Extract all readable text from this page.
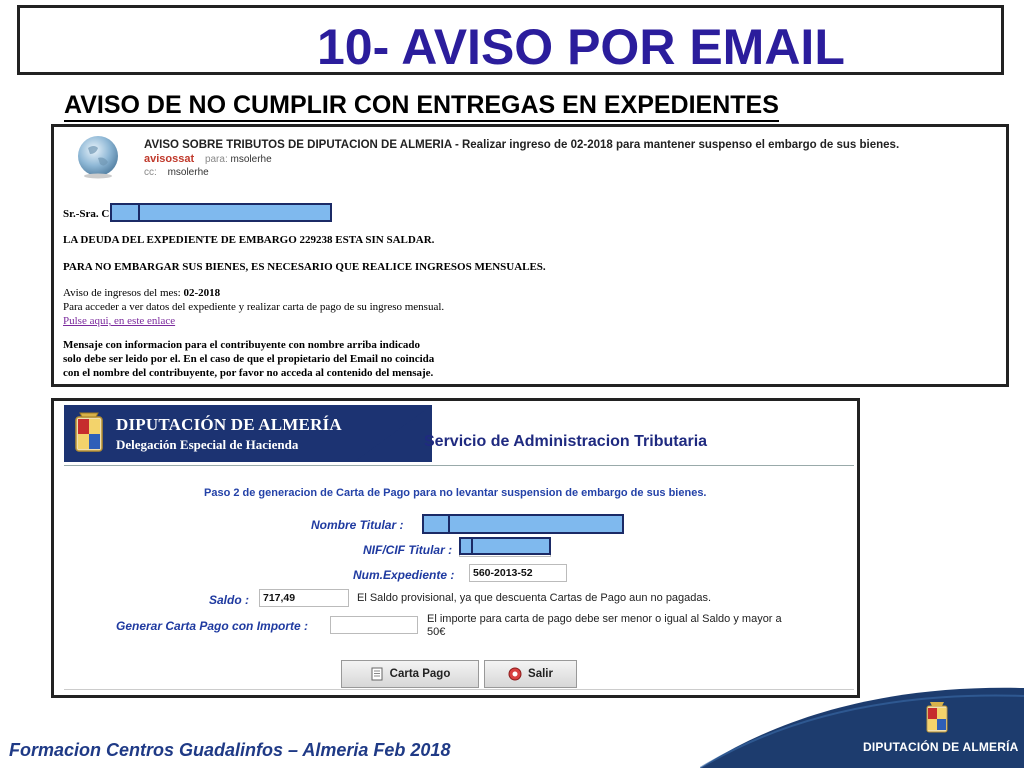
10- AVISO POR EMAIL
AVISO DE NO CUMPLIR CON ENTREGAS EN EXPEDIENTES
AVISO SOBRE TRIBUTOS DE DIPUTACION DE ALMERIA - Realizar ingreso de 02-2018 para mantener suspenso el embargo de sus bienes.
avisossat para: msolerhe
cc: msolerhe
Sr.-Sra. C
LA DEUDA DEL EXPEDIENTE DE EMBARGO 229238 ESTA SIN SALDAR.
PARA NO EMBARGAR SUS BIENES, ES NECESARIO QUE REALICE INGRESOS MENSUALES.
Aviso de ingresos del mes: 02-2018
Para acceder a ver datos del expediente y realizar carta de pago de su ingreso mensual.
Pulse aqui, en este enlace
Mensaje con informacion para el contribuyente con nombre arriba indicado
solo debe ser leido por el. En el caso de que el propietario del Email no coincida
con el nombre del contribuyente, por favor no acceda al contenido del mensaje.
DIPUTACIÓN DE ALMERÍA
Delegación Especial de Hacienda	Servicio de Administracion Tributaria
Paso 2 de generacion de Carta de Pago para no levantar suspension de embargo de sus bienes.
Nombre Titular :
NIF/CIF Titular :
Num.Expediente :	560-2013-52
Saldo :	717,49	El Saldo provisional, ya que descuenta Cartas de Pago aun no pagadas.
Generar Carta Pago con Importe :	El importe para carta de pago debe ser menor o igual al Saldo y mayor a 50€
Carta Pago	Salir
Formacion Centros Guadalinfos – Almeria Feb 2018	DIPUTACIÓN DE ALMERÍA
